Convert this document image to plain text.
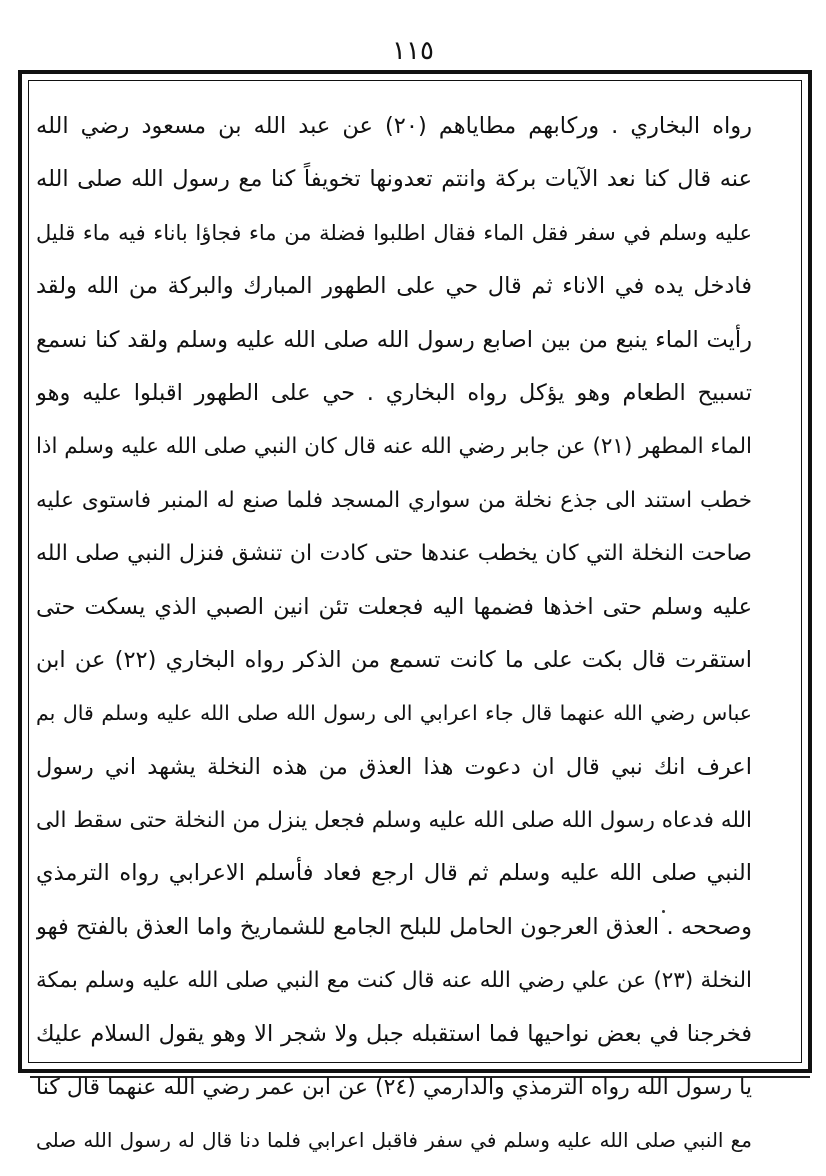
١١٥
رواه البخاري . وركابهم مطاياهم (٢٠) عن عبد الله بن مسعود رضي الله
عنه قال كنا نعد الآيات بركة وانتم تعدونها تخويفاً كنا مع رسول الله صلى الله
عليه وسلم في سفر فقل الماء فقال اطلبوا فضلة من ماء فجاؤا باناء فيه ماء قليل
فادخل يده في الاناء ثم قال حي على الطهور المبارك والبركة من الله ولقد
رأيت الماء ينبع من بين اصابع رسول الله صلى الله عليه وسلم ولقد كنا نسمع
تسبيح الطعام وهو يؤكل رواه البخاري . حي على الطهور اقبلوا عليه وهو
الماء المطهر (٢١) عن جابر رضي الله عنه قال كان النبي صلى الله عليه وسلم اذا
خطب استند الى جذع نخلة من سواري المسجد فلما صنع له المنبر فاستوى عليه
صاحت النخلة التي كان يخطب عندها حتى كادت ان تنشق فنزل النبي صلى الله
عليه وسلم حتى اخذها فضمها اليه فجعلت تئن انين الصبي الذي يسكت حتى
استقرت قال بكت على ما كانت تسمع من الذكر رواه البخاري (٢٢) عن ابن
عباس رضي الله عنهما قال جاء اعرابي الى رسول الله صلى الله عليه وسلم قال بم
اعرف انك نبي قال ان دعوت هذا العذق من هذه النخلة يشهد اني رسول
الله فدعاه رسول الله صلى الله عليه وسلم فجعل ينزل من النخلة حتى سقط الى
النبي صلى الله عليه وسلم ثم قال ارجع فعاد فأسلم الاعرابي رواه الترمذي
وصححه . العذق العرجون الحامل للبلح الجامع للشماريخ واما العذق بالفتح فهو
النخلة (٢٣) عن علي رضي الله عنه قال كنت مع النبي صلى الله عليه وسلم بمكة
فخرجنا في بعض نواحيها فما استقبله جبل ولا شجر الا وهو يقول السلام عليك
يا رسول الله رواه الترمذي والدارمي (٢٤) عن ابن عمر رضي الله عنهما قال كنا
مع النبي صلى الله عليه وسلم في سفر فاقبل اعرابي فلما دنا قال له رسول الله صلى
